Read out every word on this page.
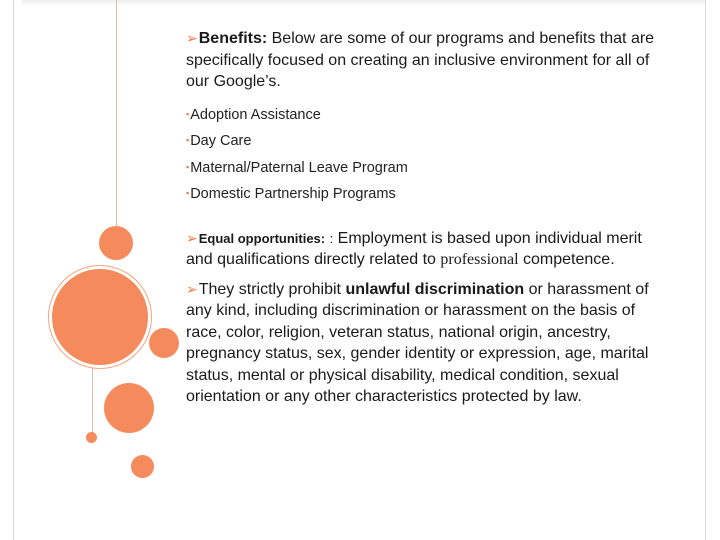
➢Benefits: Below are some of our programs and benefits that are specifically focused on creating an inclusive environment for all of our Google’s.

▪Adoption Assistance
▪Day Care
▪Maternal/Paternal Leave Program
▪Domestic Partnership Programs

➢Equal opportunities: : Employment is based upon individual merit and qualifications directly related to professional competence.

➢They strictly prohibit unlawful discrimination or harassment of any kind, including discrimination or harassment on the basis of race, color, religion, veteran status, national origin, ancestry, pregnancy status, sex, gender identity or expression, age, marital status, mental or physical disability, medical condition, sexual orientation or any other characteristics protected by law.
